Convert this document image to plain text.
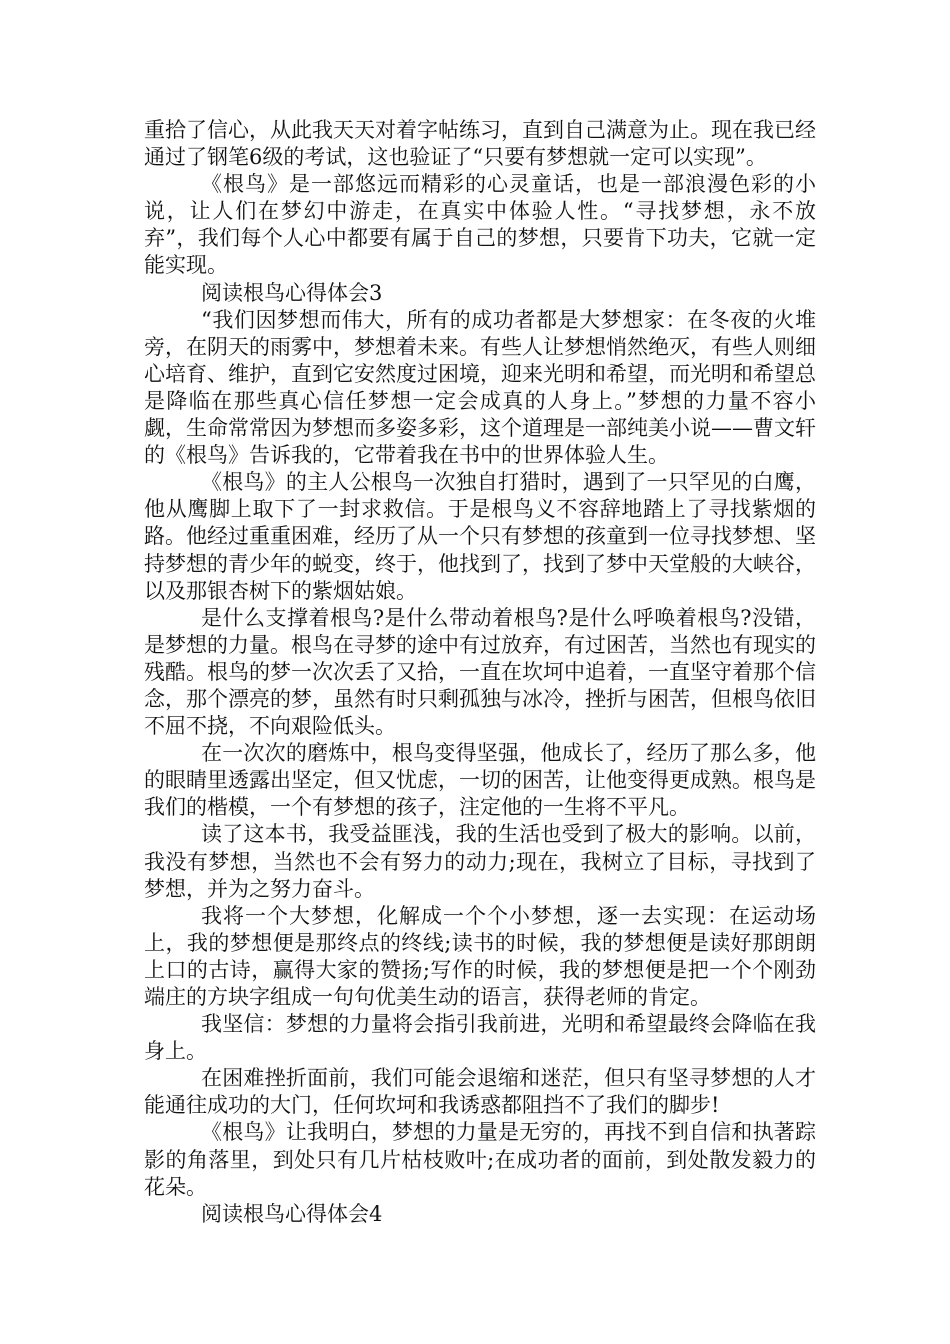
重拾了信心，从此我天天对着字帖练习，直到自己满意为止。现在我已经通过了钢笔6级的考试，这也验证了“只要有梦想就一定可以实现”。

《根鸟》是一部悠远而精彩的心灵童话，也是一部浪漫色彩的小说，让人们在梦幻中游走，在真实中体验人性。“寻找梦想，永不放弃”，我们每个人心中都要有属于自己的梦想，只要肯下功夫，它就一定能实现。

阅读根鸟心得体会3

“我们因梦想而伟大，所有的成功者都是大梦想家：在冬夜的火堆旁，在阴天的雨雾中，梦想着未来。有些人让梦想悄然绝灭，有些人则细心培育、维护，直到它安然度过困境，迎来光明和希望，而光明和希望总是降临在那些真心信任梦想一定会成真的人身上。”梦想的力量不容小觑，生命常常因为梦想而多姿多彩，这个道理是一部纯美小说——曹文轩的《根鸟》告诉我的，它带着我在书中的世界体验人生。

《根鸟》的主人公根鸟一次独自打猎时，遇到了一只罕见的白鹰，他从鹰脚上取下了一封求救信。于是根鸟义不容辞地踏上了寻找紫烟的路。他经过重重困难，经历了从一个只有梦想的孩童到一位寻找梦想、坚持梦想的青少年的蜕变，终于，他找到了，找到了梦中天堂般的大峡谷，以及那银杏树下的紫烟姑娘。

是什么支撑着根鸟?是什么带动着根鸟?是什么呼唤着根鸟?没错，是梦想的力量。根鸟在寻梦的途中有过放弃，有过困苦，当然也有现实的残酷。根鸟的梦一次次丢了又拾，一直在坎坷中追着，一直坚守着那个信念，那个漂亮的梦，虽然有时只剩孤独与冰冷，挫折与困苦，但根鸟依旧不屈不挠，不向艰险低头。

在一次次的磨炼中，根鸟变得坚强，他成长了，经历了那么多，他的眼睛里透露出坚定，但又忧虑，一切的困苦，让他变得更成熟。根鸟是我们的楷模，一个有梦想的孩子，注定他的一生将不平凡。

读了这本书，我受益匪浅，我的生活也受到了极大的影响。以前，我没有梦想，当然也不会有努力的动力;现在，我树立了目标，寻找到了梦想，并为之努力奋斗。

我将一个大梦想，化解成一个个小梦想，逐一去实现：在运动场上，我的梦想便是那终点的终线;读书的时候，我的梦想便是读好那朗朗上口的古诗，赢得大家的赞扬;写作的时候，我的梦想便是把一个个刚劲端庄的方块字组成一句句优美生动的语言，获得老师的肯定。

我坚信：梦想的力量将会指引我前进，光明和希望最终会降临在我身上。

在困难挫折面前，我们可能会退缩和迷茫，但只有坚寻梦想的人才能通往成功的大门，任何坎坷和我诱惑都阻挡不了我们的脚步!

《根鸟》让我明白，梦想的力量是无穷的，再找不到自信和执著踪影的角落里，到处只有几片枯枝败叶;在成功者的面前，到处散发毅力的花朵。

阅读根鸟心得体会4
